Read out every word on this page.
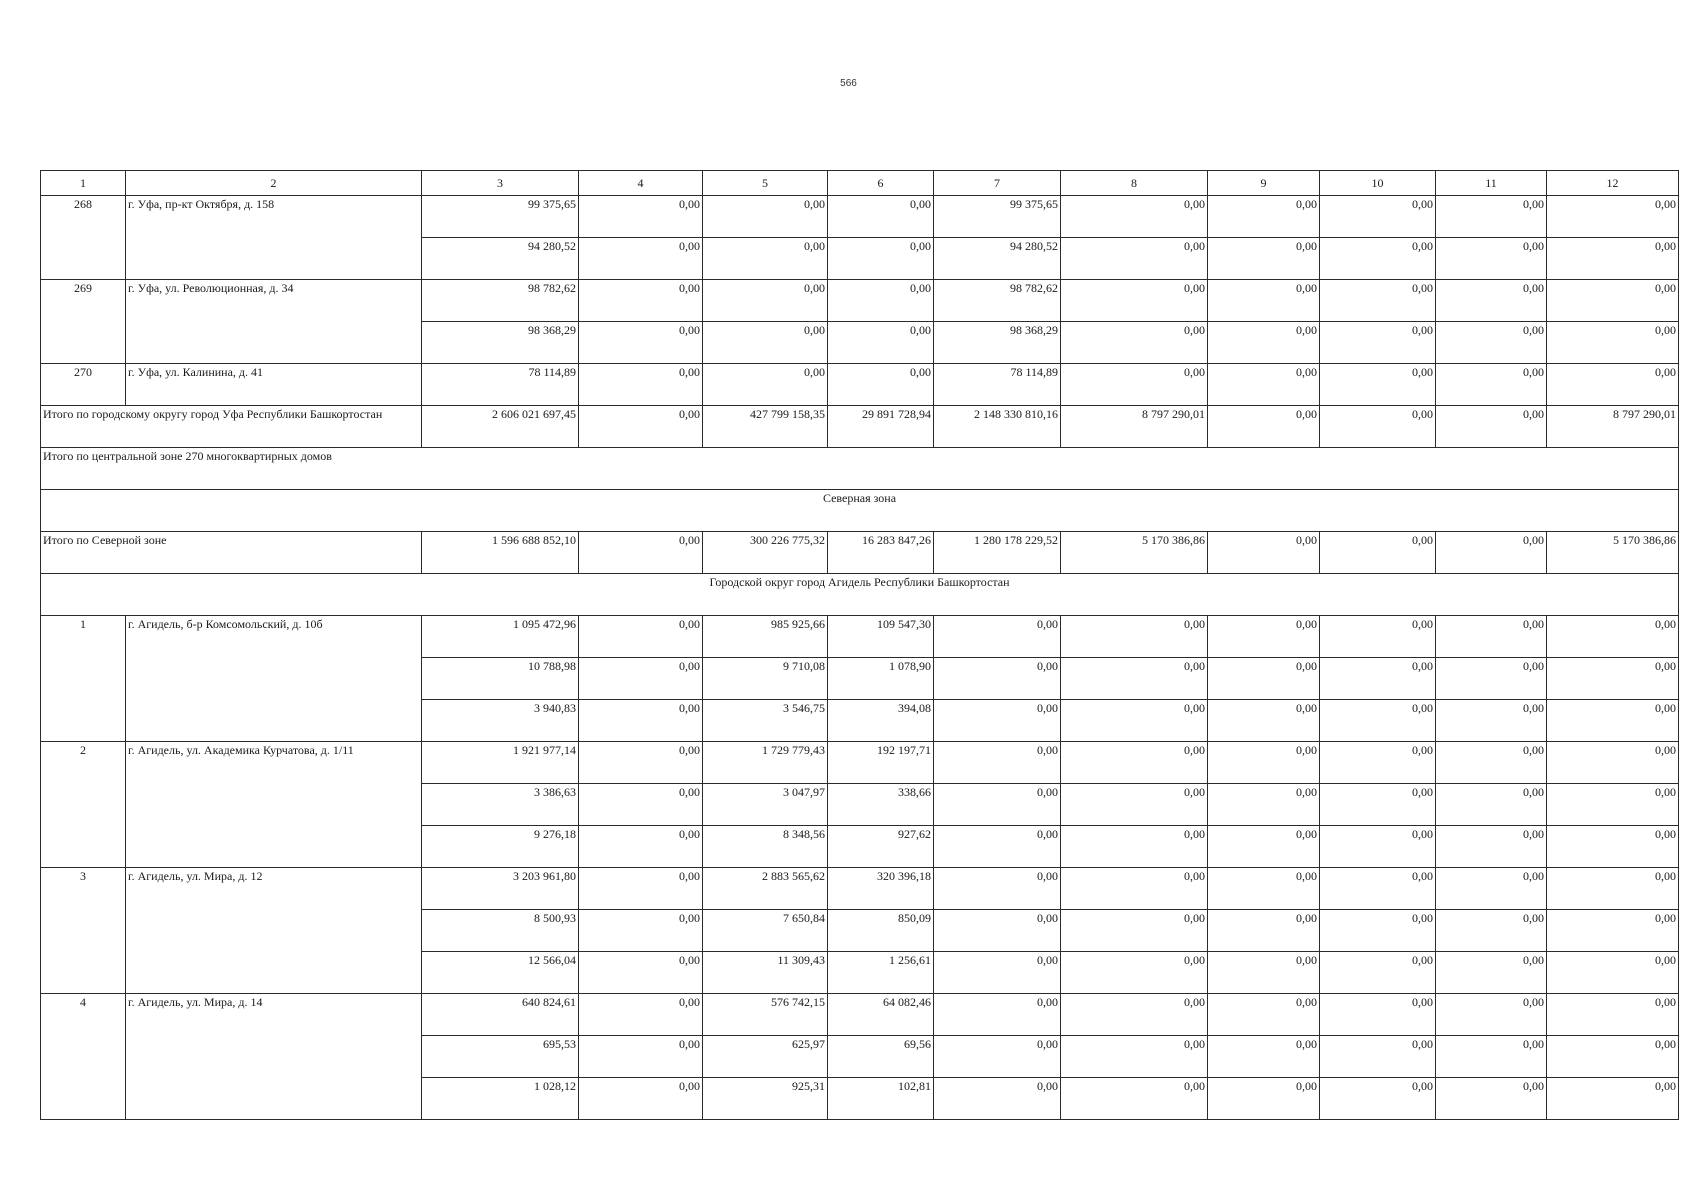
566
1	2	3	4	5	6	7	8	9	10	11	12
268	г. Уфа, пр-кт Октября, д. 158	99 375,65	0,00	0,00	0,00	99 375,65	0,00	0,00	0,00	0,00	0,00
		94 280,52	0,00	0,00	0,00	94 280,52	0,00	0,00	0,00	0,00	0,00
269	г. Уфа, ул. Революционная, д. 34	98 782,62	0,00	0,00	0,00	98 782,62	0,00	0,00	0,00	0,00	0,00
		98 368,29	0,00	0,00	0,00	98 368,29	0,00	0,00	0,00	0,00	0,00
270	г. Уфа, ул. Калинина, д. 41	78 114,89	0,00	0,00	0,00	78 114,89	0,00	0,00	0,00	0,00	0,00
Итого по городскому округу город Уфа Республики Башкортостан		2 606 021 697,45	0,00	427 799 158,35	29 891 728,94	2 148 330 810,16	8 797 290,01	0,00	0,00	0,00	8 797 290,01
Итого по центральной зоне 270 многоквартирных домов											
Северная зона											
Итого по Северной зоне		1 596 688 852,10	0,00	300 226 775,32	16 283 847,26	1 280 178 229,52	5 170 386,86	0,00	0,00	0,00	5 170 386,86
Городской округ город Агидель Республики Башкортостан											
1	г. Агидель, б-р Комсомольский, д. 10б	1 095 472,96	0,00	985 925,66	109 547,30	0,00	0,00	0,00	0,00	0,00	0,00
		10 788,98	0,00	9 710,08	1 078,90	0,00	0,00	0,00	0,00	0,00	0,00
		3 940,83	0,00	3 546,75	394,08	0,00	0,00	0,00	0,00	0,00	0,00
2	г. Агидель, ул. Академика Курчатова, д. 1/11	1 921 977,14	0,00	1 729 779,43	192 197,71	0,00	0,00	0,00	0,00	0,00	0,00
		3 386,63	0,00	3 047,97	338,66	0,00	0,00	0,00	0,00	0,00	0,00
		9 276,18	0,00	8 348,56	927,62	0,00	0,00	0,00	0,00	0,00	0,00
3	г. Агидель, ул. Мира, д. 12	3 203 961,80	0,00	2 883 565,62	320 396,18	0,00	0,00	0,00	0,00	0,00	0,00
		8 500,93	0,00	7 650,84	850,09	0,00	0,00	0,00	0,00	0,00	0,00
		12 566,04	0,00	11 309,43	1 256,61	0,00	0,00	0,00	0,00	0,00	0,00
4	г. Агидель, ул. Мира, д. 14	640 824,61	0,00	576 742,15	64 082,46	0,00	0,00	0,00	0,00	0,00	0,00
		695,53	0,00	625,97	69,56	0,00	0,00	0,00	0,00	0,00	0,00
		1 028,12	0,00	925,31	102,81	0,00	0,00	0,00	0,00	0,00	0,00
